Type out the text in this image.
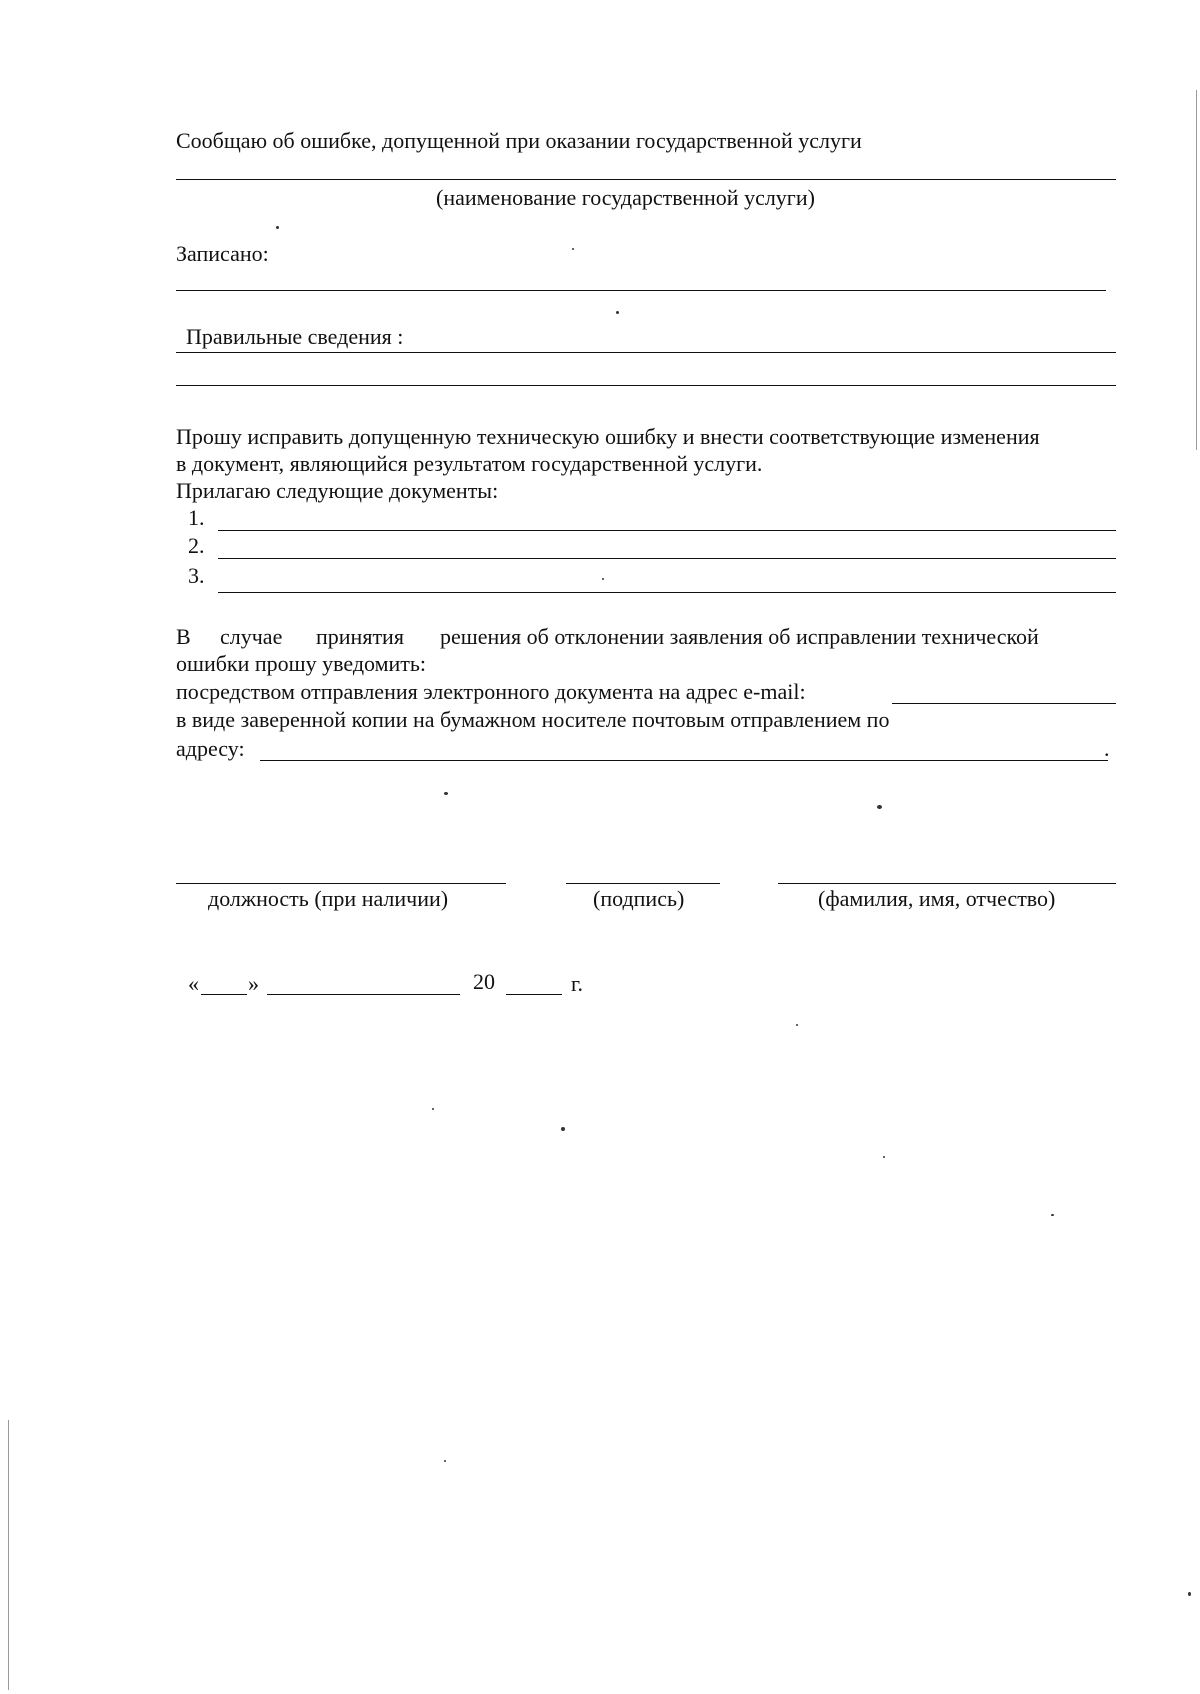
Сообщаю об ошибке, допущенной при оказании государственной услуги
(наименование государственной услуги)
Записано:
Правильные сведения :
Прошу исправить допущенную техническую ошибку и внести соответствующие изменения
в документ, являющийся результатом государственной услуги.
Прилагаю следующие документы:
1.
2.
3.
В случае принятия решения об отклонении заявления об исправлении технической
ошибки прошу уведомить:
посредством отправления электронного документа на адрес e-mail:
в виде заверенной копии на бумажном носителе почтовым отправлением по
адресу:	.
должность (при наличии)	(подпись)	(фамилия, имя, отчество)
« »	20	г.
